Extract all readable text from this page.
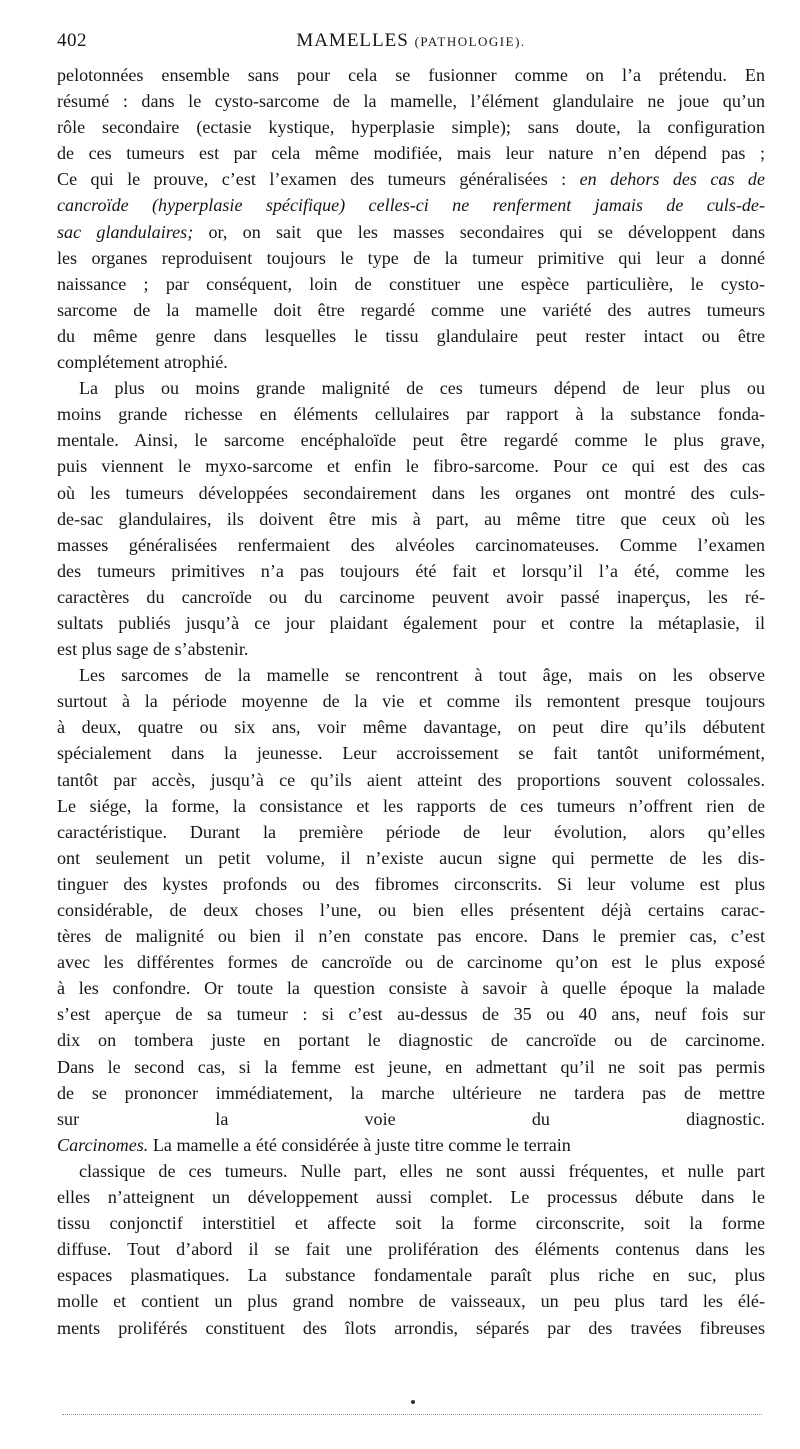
402	MAMELLES (PATHOLOGIE).
pelotonnées ensemble sans pour cela se fusionner comme on l’a prétendu. En
résumé : dans le cysto-sarcome de la mamelle, l’élément glandulaire ne joue qu’un
rôle secondaire (ectasie kystique, hyperplasie simple); sans doute, la configuration
de ces tumeurs est par cela même modifiée, mais leur nature n’en dépend pas ;
Ce qui le prouve, c’est l’examen des tumeurs généralisées : en dehors des cas de
cancroïde (hyperplasie spécifique) celles-ci ne renferment jamais de culs-de-
sac glandulaires; or, on sait que les masses secondaires qui se développent dans
les organes reproduisent toujours le type de la tumeur primitive qui leur a donné
naissance ; par conséquent, loin de constituer une espèce particulière, le cysto-
sarcome de la mamelle doit être regardé comme une variété des autres tumeurs
du même genre dans lesquelles le tissu glandulaire peut rester intact ou être
complétement atrophié.
La plus ou moins grande malignité de ces tumeurs dépend de leur plus ou
moins grande richesse en éléments cellulaires par rapport à la substance fonda-
mentale. Ainsi, le sarcome encéphaloïde peut être regardé comme le plus grave,
puis viennent le myxo-sarcome et enfin le fibro-sarcome. Pour ce qui est des cas
où les tumeurs développées secondairement dans les organes ont montré des culs-
de-sac glandulaires, ils doivent être mis à part, au même titre que ceux où les
masses généralisées renfermaient des alvéoles carcinomateuses. Comme l’examen
des tumeurs primitives n’a pas toujours été fait et lorsqu’il l’a été, comme les
caractères du cancroïde ou du carcinome peuvent avoir passé inaperçus, les ré-
sultats publiés jusqu’à ce jour plaidant également pour et contre la métaplasie, il
est plus sage de s’abstenir.
Les sarcomes de la mamelle se rencontrent à tout âge, mais on les observe
surtout à la période moyenne de la vie et comme ils remontent presque toujours
à deux, quatre ou six ans, voir même davantage, on peut dire qu’ils débutent
spécialement dans la jeunesse. Leur accroissement se fait tantôt uniformément,
tantôt par accès, jusqu’à ce qu’ils aient atteint des proportions souvent colossales.
Le siége, la forme, la consistance et les rapports de ces tumeurs n’offrent rien de
caractéristique. Durant la première période de leur évolution, alors qu’elles
ont seulement un petit volume, il n’existe aucun signe qui permette de les dis-
tinguer des kystes profonds ou des fibromes circonscrits. Si leur volume est plus
considérable, de deux choses l’une, ou bien elles présentent déjà certains carac-
tères de malignité ou bien il n’en constate pas encore. Dans le premier cas, c’est
avec les différentes formes de cancroïde ou de carcinome qu’on est le plus exposé
à les confondre. Or toute la question consiste à savoir à quelle époque la malade
s’est aperçue de sa tumeur : si c’est au-dessus de 35 ou 40 ans, neuf fois sur
dix on tombera juste en portant le diagnostic de cancroïde ou de carcinome.
Dans le second cas, si la femme est jeune, en admettant qu’il ne soit pas permis
de se prononcer immédiatement, la marche ultérieure ne tardera pas de mettre
sur la voie du diagnostic.
Carcinomes. La mamelle a été considérée à juste titre comme le terrain
classique de ces tumeurs. Nulle part, elles ne sont aussi fréquentes, et nulle part
elles n’atteignent un développement aussi complet. Le processus débute dans le
tissu conjonctif interstitiel et affecte soit la forme circonscrite, soit la forme
diffuse. Tout d’abord il se fait une prolifération des éléments contenus dans les
espaces plasmatiques. La substance fondamentale paraît plus riche en suc, plus
molle et contient un plus grand nombre de vaisseaux, un peu plus tard les élé-
ments proliférés constituent des îlots arrondis, séparés par des travées fibreuses
